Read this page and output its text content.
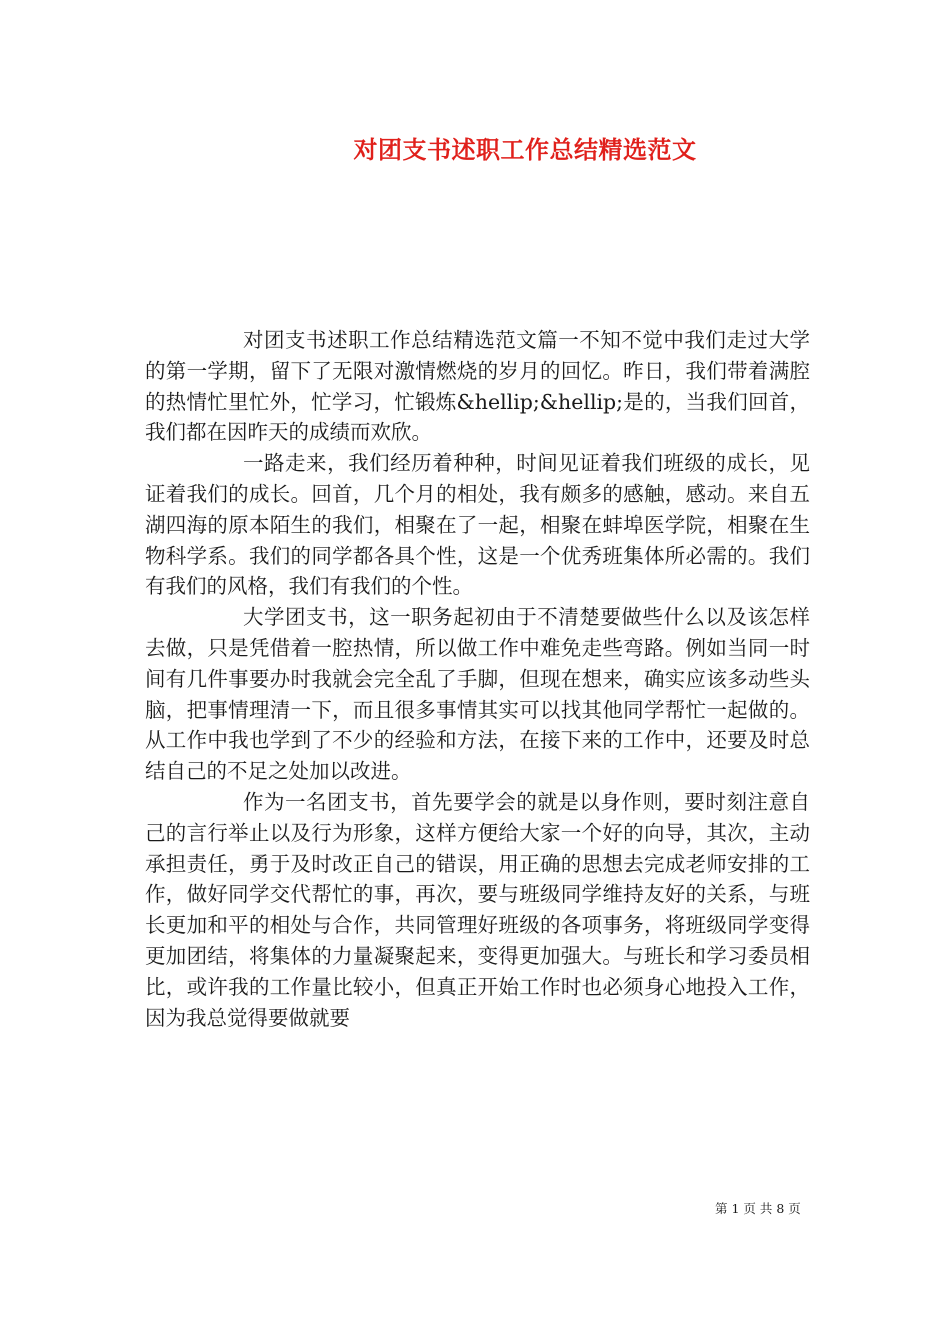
对团支书述职工作总结精选范文

对团支书述职工作总结精选范文篇一不知不觉中我们走过大学的第一学期，留下了无限对激情燃烧的岁月的回忆。昨日，我们带着满腔的热情忙里忙外，忙学习，忙锻炼&hellip;&hellip;是的，当我们回首，我们都在因昨天的成绩而欢欣。

一路走来，我们经历着种种，时间见证着我们班级的成长，见证着我们的成长。回首，几个月的相处，我有颇多的感触，感动。来自五湖四海的原本陌生的我们，相聚在了一起，相聚在蚌埠医学院，相聚在生物科学系。我们的同学都各具个性，这是一个优秀班集体所必需的。我们有我们的风格，我们有我们的个性。

大学团支书，这一职务起初由于不清楚要做些什么以及该怎样去做，只是凭借着一腔热情，所以做工作中难免走些弯路。例如当同一时间有几件事要办时我就会完全乱了手脚，但现在想来，确实应该多动些头脑，把事情理清一下，而且很多事情其实可以找其他同学帮忙一起做的。从工作中我也学到了不少的经验和方法，在接下来的工作中，还要及时总结自己的不足之处加以改进。

作为一名团支书，首先要学会的就是以身作则，要时刻注意自己的言行举止以及行为形象，这样方便给大家一个好的向导，其次，主动承担责任，勇于及时改正自己的错误，用正确的思想去完成老师安排的工作，做好同学交代帮忙的事，再次，要与班级同学维持友好的关系，与班长更加和平的相处与合作，共同管理好班级的各项事务，将班级同学变得更加团结，将集体的力量凝聚起来，变得更加强大。与班长和学习委员相比，或许我的工作量比较小，但真正开始工作时也必须身心地投入工作，因为我总觉得要做就要

第 1 页 共 8 页
